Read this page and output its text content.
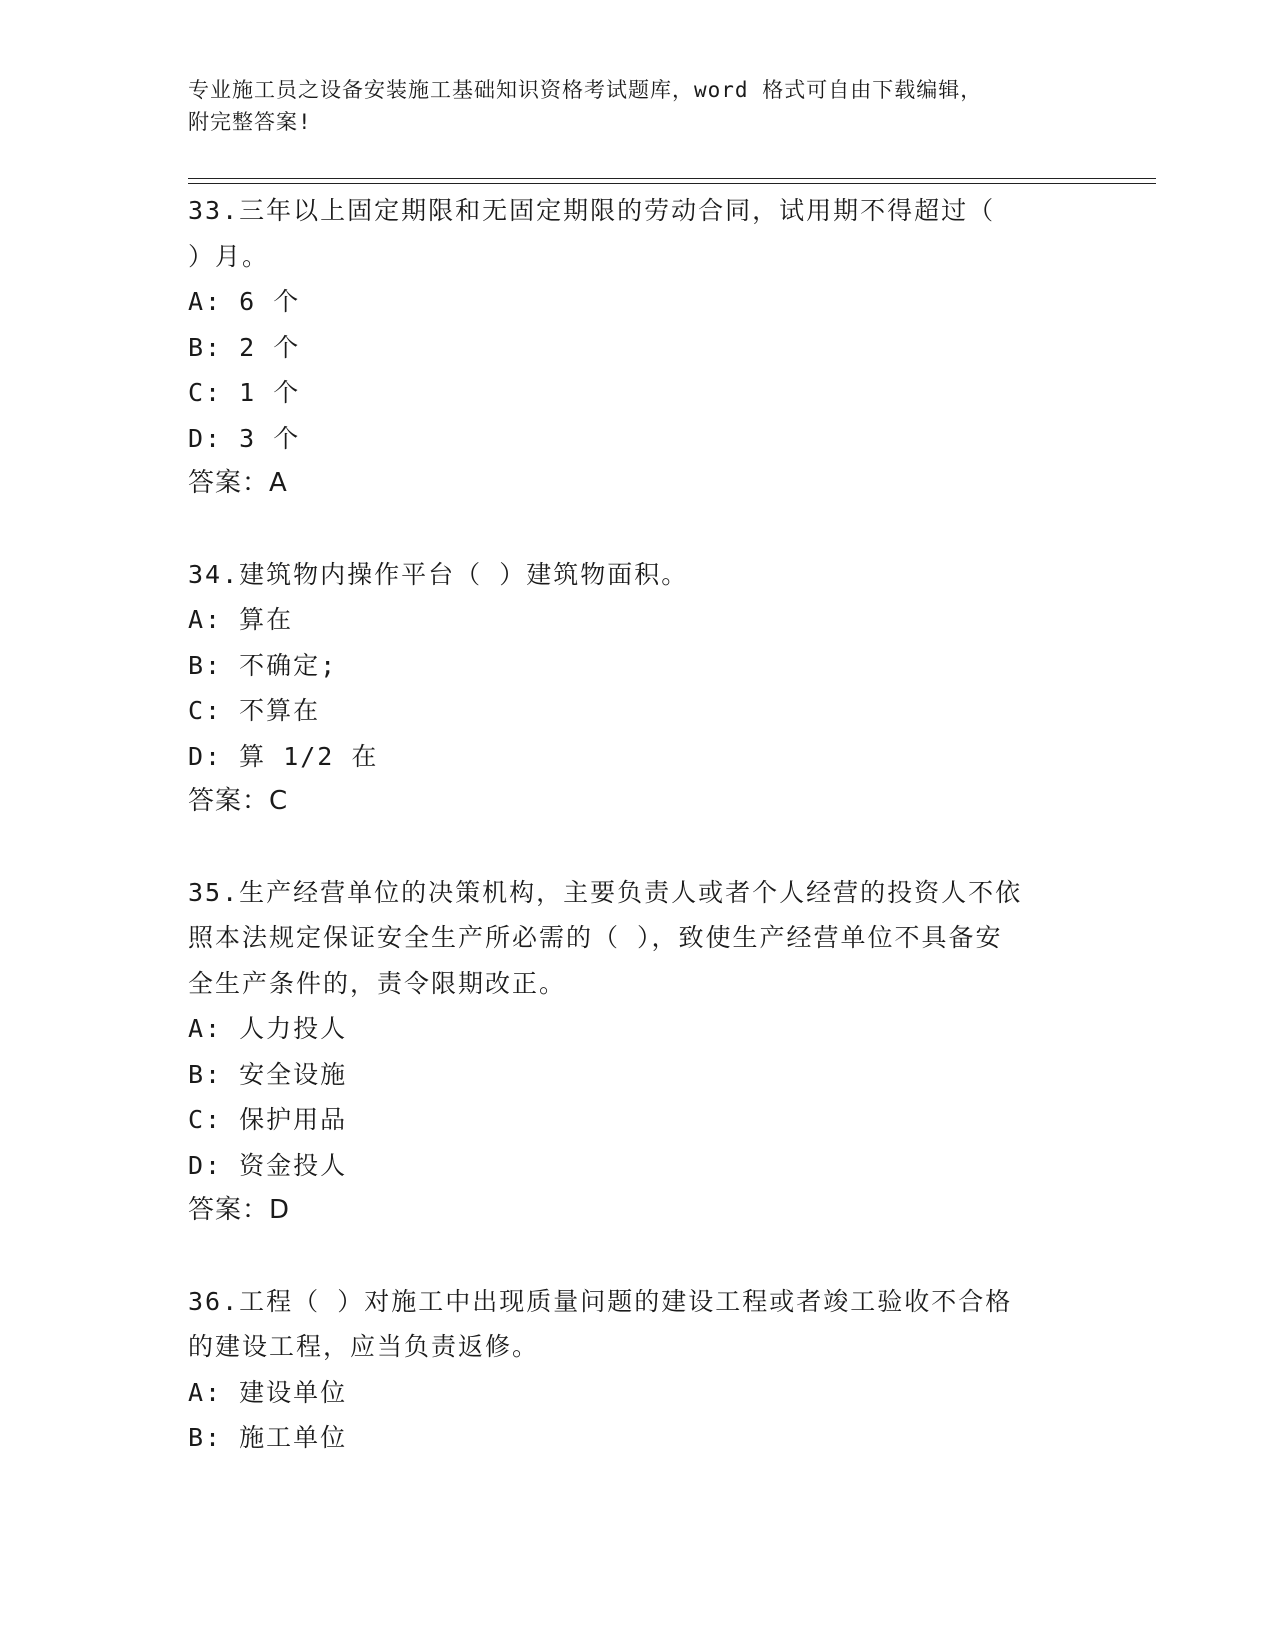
专业施工员之设备安装施工基础知识资格考试题库，word 格式可自由下载编辑，
附完整答案!
33.三年以上固定期限和无固定期限的劳动合同，试用期不得超过（
）月。
A: 6 个
B: 2 个
C: 1 个
D: 3 个
答案：A
34.建筑物内操作平台（ ）建筑物面积。
A: 算在
B: 不确定;
C: 不算在
D: 算 1/2 在
答案：C
35.生产经营单位的决策机构，主要负责人或者个人经营的投资人不依
照本法规定保证安全生产所必需的（ ），致使生产经营单位不具备安
全生产条件的，责令限期改正。
A: 人力投人
B: 安全设施
C: 保护用品
D: 资金投人
答案：D
36.工程（ ）对施工中出现质量问题的建设工程或者竣工验收不合格
的建设工程，应当负责返修。
A: 建设单位
B: 施工单位
